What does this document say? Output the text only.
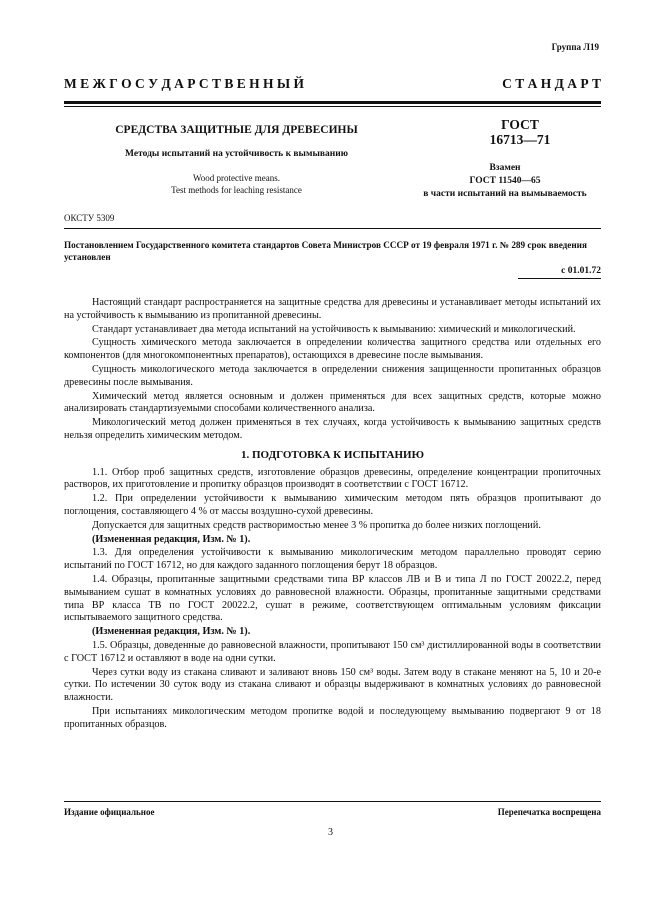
Группа Л19
М Е Ж Г О С У Д А Р С Т В Е Н Н Ы Й	С Т А Н Д А Р Т
СРЕДСТВА ЗАЩИТНЫЕ ДЛЯ ДРЕВЕСИНЫ
Методы испытаний на устойчивость к вымыванию
Wood protective means.
Test methods for leaching resistance
ГОСТ
16713—71
Взамен
ГОСТ 11540—65
в части испытаний на вымываемость
ОКСТУ 5309
Постановлением Государственного комитета стандартов Совета Министров СССР от 19 февраля 1971 г. № 289 срок введения установлен
с 01.01.72

Настоящий стандарт распространяется на защитные средства для древесины и устанавливает методы испытаний их на устойчивость к вымыванию из пропитанной древесины.

Стандарт устанавливает два метода испытаний на устойчивость к вымыванию: химический и микологический.

Сущность химического метода заключается в определении количества защитного средства или отдельных его компонентов (для многокомпонентных препаратов), остающихся в древесине после вымывания.

Сущность микологического метода заключается в определении снижения защищенности пропитанных образцов древесины после вымывания.

Химический метод является основным и должен применяться для всех защитных средств, которые можно анализировать стандартизуемыми способами количественного анализа.

Микологический метод должен применяться в тех случаях, когда устойчивость к вымыванию защитных средств нельзя определить химическим методом.

1. ПОДГОТОВКА К ИСПЫТАНИЮ

1.1. Отбор проб защитных средств, изготовление образцов древесины, определение концентрации пропиточных растворов, их приготовление и пропитку образцов производят в соответствии с ГОСТ 16712.

1.2. При определении устойчивости к вымыванию химическим методом пять образцов пропитывают до поглощения, составляющего 4 % от массы воздушно-сухой древесины.

Допускается для защитных средств растворимостью менее 3 % пропитка до более низких поглощений.

(Измененная редакция, Изм. № 1).

1.3. Для определения устойчивости к вымыванию микологическим методом параллельно проводят серию испытаний по ГОСТ 16712, но для каждого заданного поглощения берут 18 образцов.

1.4. Образцы, пропитанные защитными средствами типа ВР классов ЛВ и В и типа Л по ГОСТ 20022.2, перед вымыванием сушат в комнатных условиях до равновесной влажности. Образцы, пропитанные защитными средствами типа ВР класса ТВ по ГОСТ 20022.2, сушат в режиме, соответствующем оптимальным условиям фиксации испытываемого защитного средства.

(Измененная редакция, Изм. № 1).

1.5. Образцы, доведенные до равновесной влажности, пропитывают 150 см³ дистиллированной воды в соответствии с ГОСТ 16712 и оставляют в воде на одни сутки.

Через сутки воду из стакана сливают и заливают вновь 150 см³ воды. Затем воду в стакане меняют на 5, 10 и 20-е сутки. По истечении 30 суток воду из стакана сливают и образцы выдерживают в комнатных условиях до равновесной влажности.

При испытаниях микологическим методом пропитке водой и последующему вымыванию подвергают 9 от 18 пропитанных образцов.

Издание официальное	Перепечатка воспрещена
3
